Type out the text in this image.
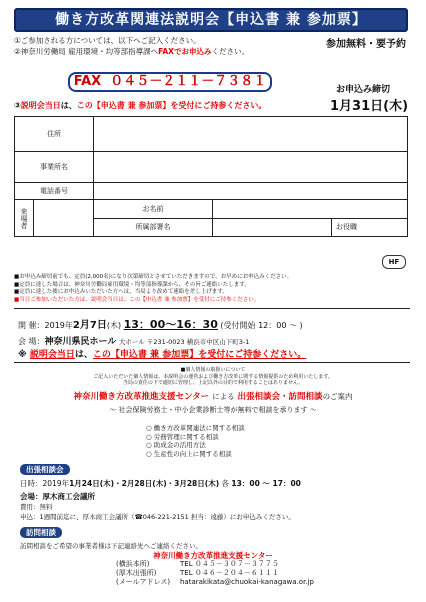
働き方改革関連法説明会【申込書 兼 参加票】
①ご参加される方については、以下へご記入ください。	参加無料・要予約
②神奈川労働局 雇用環境・均等部指導課へFAXでお申込みください。
FAX ０４５－２１１－７３８１
お申込み締切
1月31日(木)
③説明会当日は、この【申込書 兼 参加票】を受付にご持参ください。
住所	
事業所名	
電話番号	

来場者	
		お名前	
所属部署名		お役職
HF
■お申込み締切前でも、定員(2,000名)になり次第締切とさせていただきますので、お早めにお申込みください。
■定員に達した場合は、神奈川労働局雇用環境・均等部指導課から、その旨ご連絡いたします。
■定員に達した後にお申込みいただいた方へは、当局より改めて連絡を差し上げます。
■当日ご参加いただいた方は、説明会当日は、この【申込書 兼 参加票】を受付にご持参ください。
開 催：2019年2月7日(木) 13：00～16：30 (受付開始 12：00 ～ )
会 場：神奈川県民ホール 大ホール 〒231-0023 横浜市中区山下町3-1
※ 説明会当日は、この【申込書 兼 参加票】を受付にご持参ください。
■個人情報の取扱いについて
ご記入いただいた個人情報は、本説明会の運営および働き方改革に関する情報提供のため利用いたします。
当局の責任の下で適切に管理し、上記以外の目的で利用することはありません。
神奈川働き方改革推進支援センター による 出張相談会・訪問相談のご案内
～ 社会保険労務士・中小企業診断士等が無料で相談を承ります ～
○ 働き方改革関連法に関する相談
○ 労務管理に関する相談
○ 助成金の活用方法
○ 生産性の向上に関する相談
出張相談会
日時：2019年1月24日(木)・2月28日(木)・3月28日(木) 各 13：00 ～ 17：00
会場：厚木商工会議所
費用：無料
申込：1週間前迄に、厚木商工会議所（☎046-221-2151 担当：遠藤）にお申込みください。
訪問相談
訪問相談をご希望の事業者様は下記連絡先へご連絡ください。
神奈川働き方改革推進支援センター
(横浜本所)	TEL ０４５－３０７－３７７５
(厚木出張所)	TEL ０４６－２０４－６１１１
(メールアドレス) hatarakikata@chuokai-kanagawa.or.jp
